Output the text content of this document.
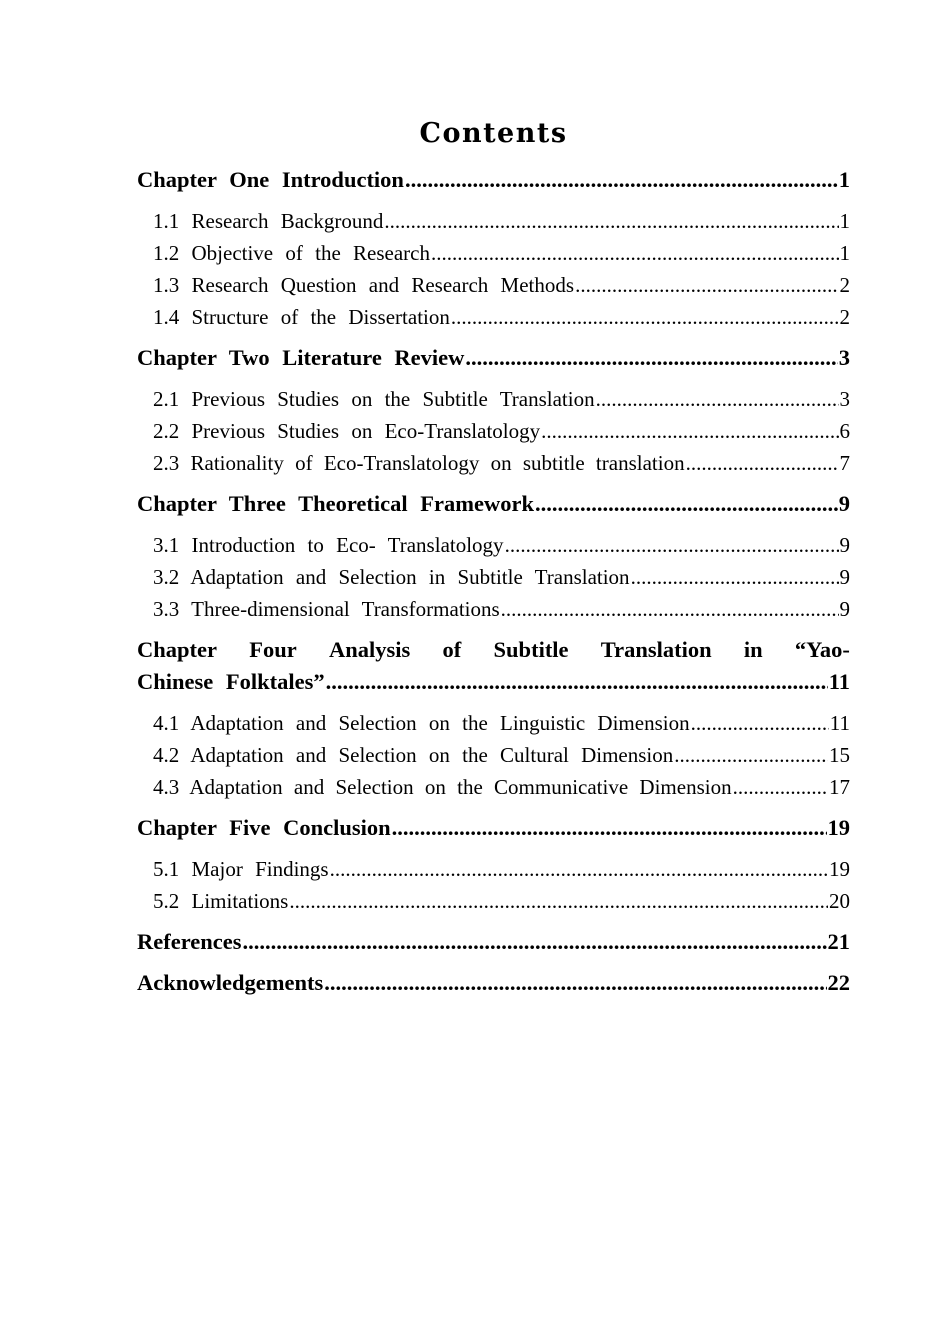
Contents
Chapter One Introduction .....	1
1.1 Research Background .....	1
1.2 Objective of the Research .....	1
1.3 Research Question and Research Methods .....	2
1.4 Structure of the Dissertation .....	2
Chapter Two Literature Review .....	3
2.1 Previous Studies on the Subtitle Translation .....	3
2.2 Previous Studies on Eco-Translatology .....	6
2.3 Rationality of Eco-Translatology on subtitle translation .....	7
Chapter Three Theoretical Framework .....	9
3.1 Introduction to Eco- Translatology .....	9
3.2 Adaptation and Selection in Subtitle Translation .....	9
3.3 Three-dimensional Transformations .....	9
Chapter Four Analysis of Subtitle Translation in “Yao-
Chinese Folktales” .....	11
4.1 Adaptation and Selection on the Linguistic Dimension .....	11
4.2 Adaptation and Selection on the Cultural Dimension .....	15
4.3 Adaptation and Selection on the Communicative Dimension .....	17
Chapter Five Conclusion .....	19
5.1 Major Findings .....	19
5.2 Limitations .....	20
References .....	21
Acknowledgements .....	22
